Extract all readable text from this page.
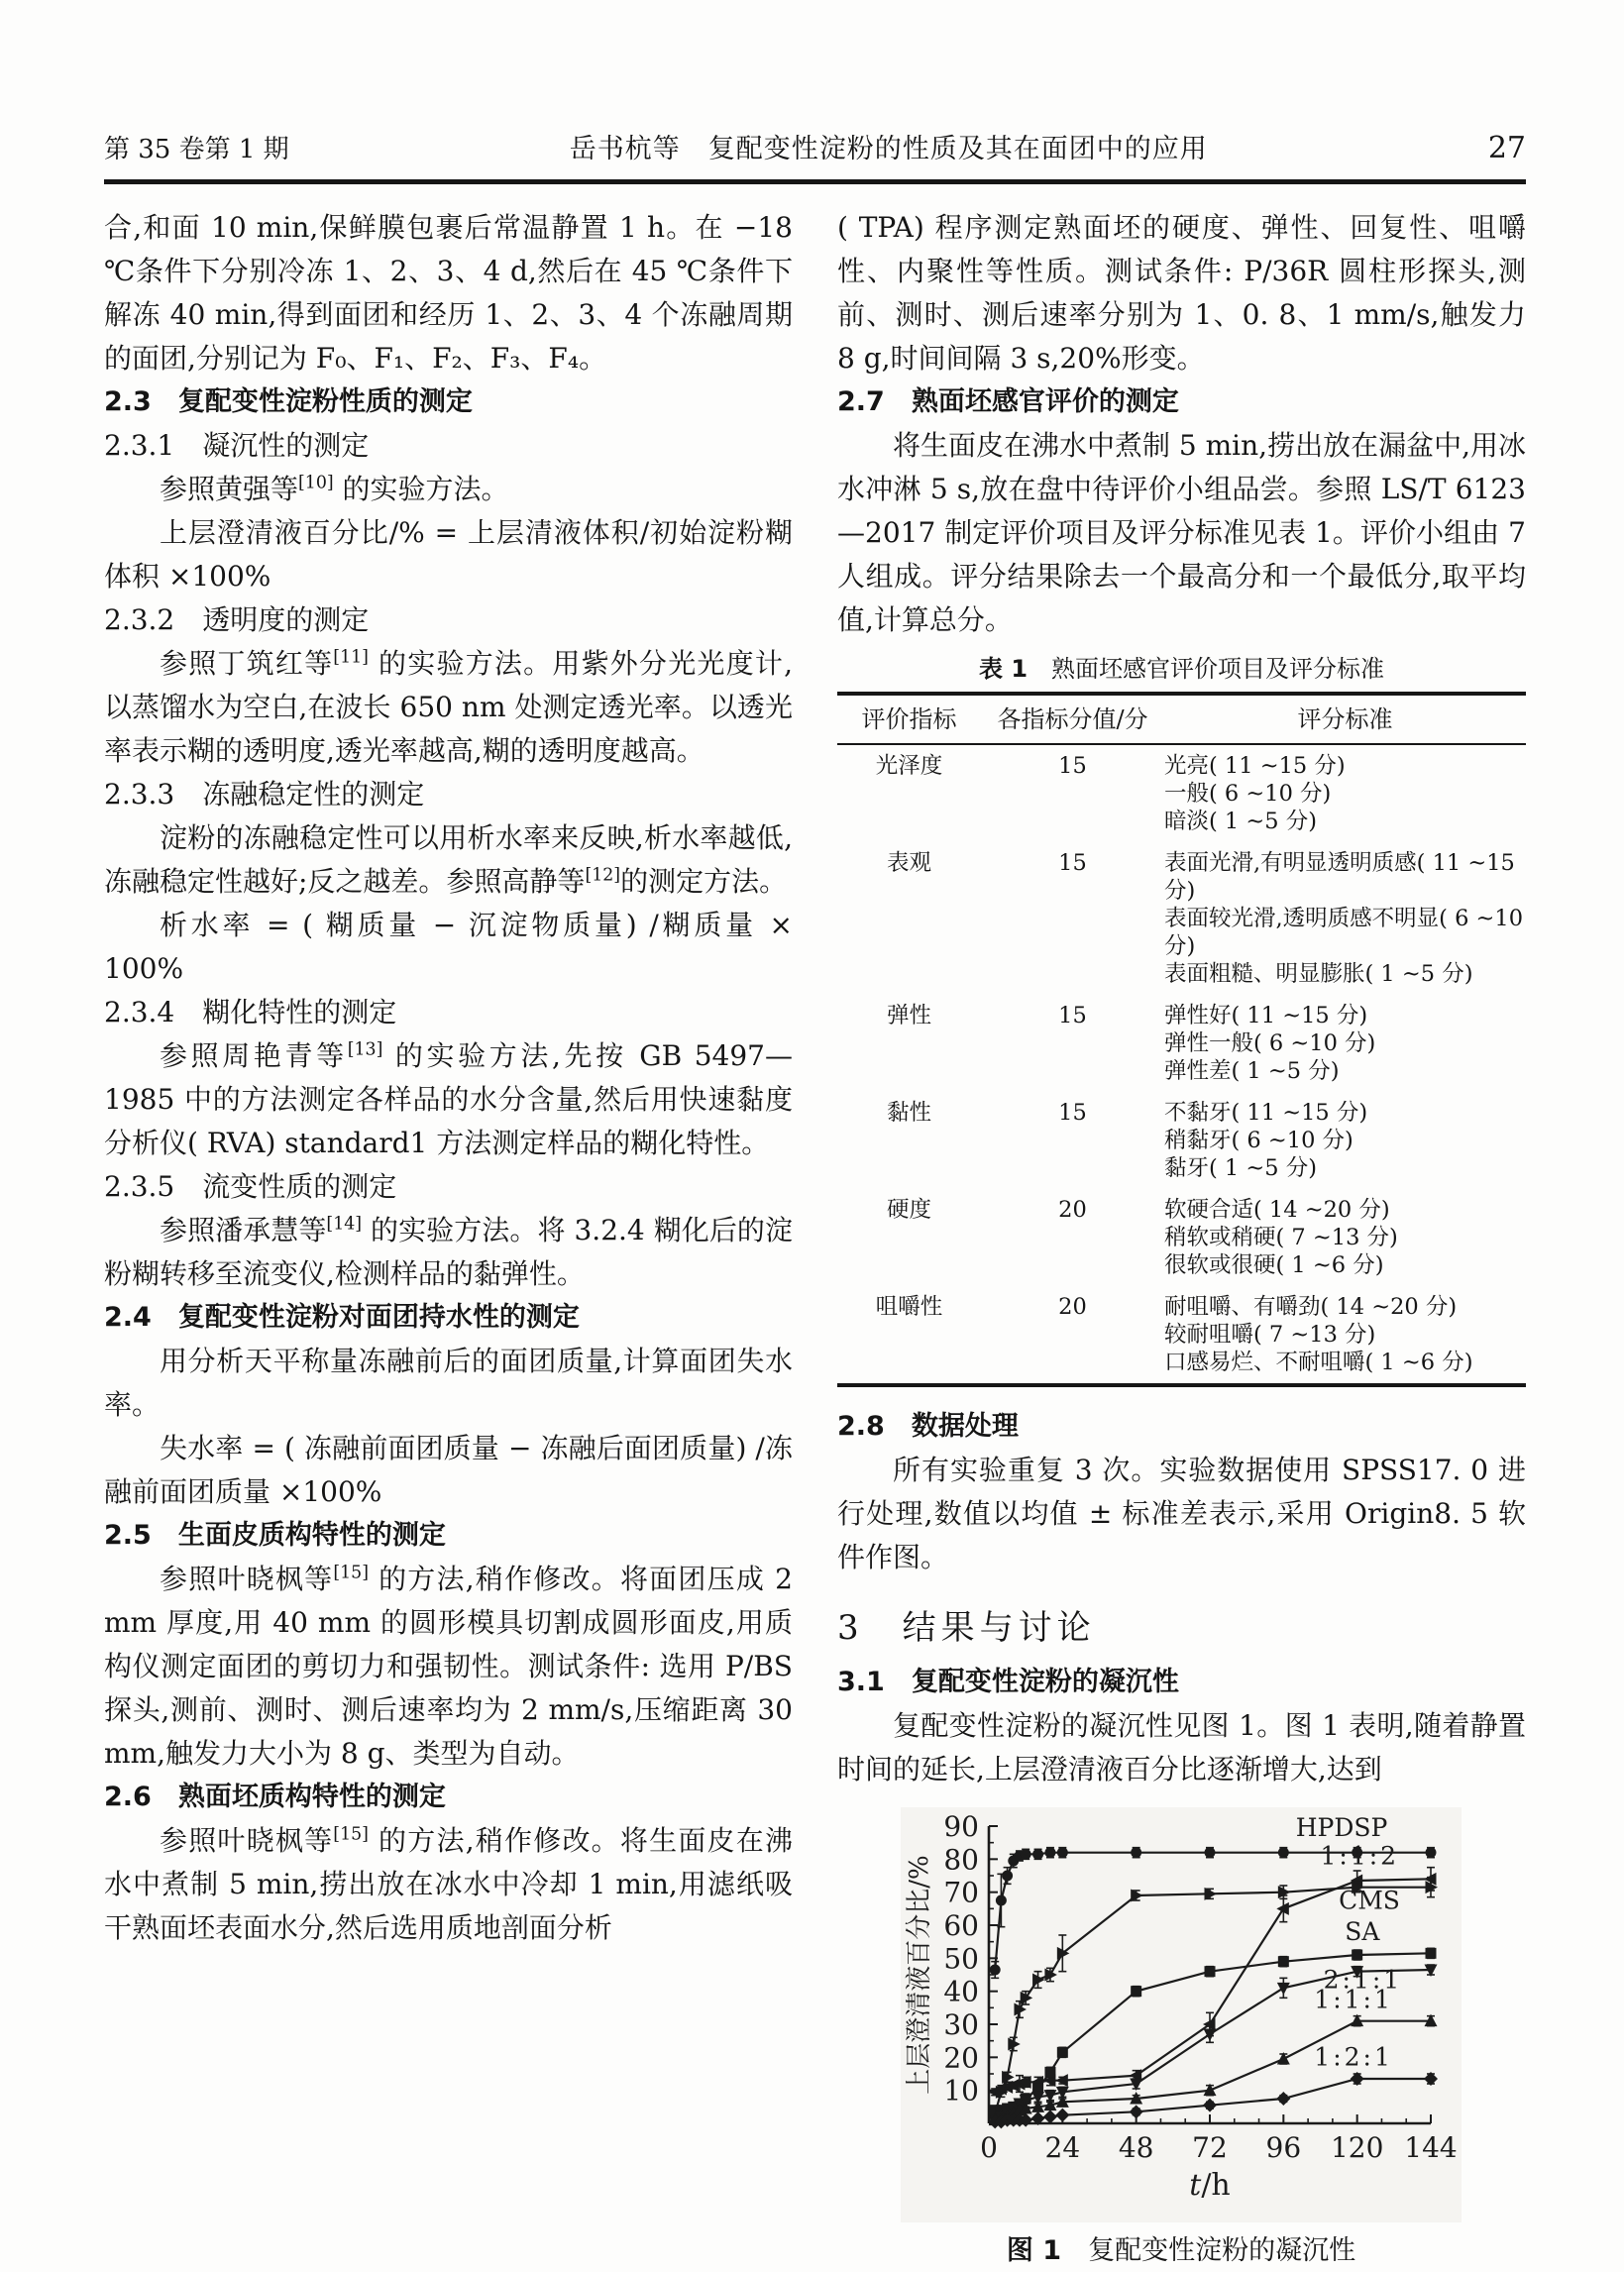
第 35 卷第 1 期	岳书杭等　复配变性淀粉的性质及其在面团中的应用	27

合,和面 10 min,保鲜膜包裹后常温静置 1 h。在 −18 ℃条件下分别冷冻 1、2、3、4 d,然后在 45 ℃条件下解冻 40 min,得到面团和经历 1、2、3、4 个冻融周期的面团,分别记为 F₀、F₁、F₂、F₃、F₄。

2.3　复配变性淀粉性质的测定
2.3.1　凝沉性的测定

参照黄强等[10] 的实验方法。

上层澄清液百分比/% = 上层清液体积/初始淀粉糊体积 ×100%

2.3.2　透明度的测定

参照丁筑红等[11] 的实验方法。用紫外分光光度计,以蒸馏水为空白,在波长 650 nm 处测定透光率。以透光率表示糊的透明度,透光率越高,糊的透明度越高。

2.3.3　冻融稳定性的测定

淀粉的冻融稳定性可以用析水率来反映,析水率越低,冻融稳定性越好;反之越差。参照高静等[12]的测定方法。

析水率 = ( 糊质量 − 沉淀物质量) /糊质量 × 100%

2.3.4　糊化特性的测定

参照周艳青等[13] 的实验方法,先按 GB 5497—1985 中的方法测定各样品的水分含量,然后用快速黏度分析仪( RVA) standard1 方法测定样品的糊化特性。

2.3.5　流变性质的测定

参照潘承慧等[14] 的实验方法。将 3.2.4 糊化后的淀粉糊转移至流变仪,检测样品的黏弹性。

2.4　复配变性淀粉对面团持水性的测定

用分析天平称量冻融前后的面团质量,计算面团失水率。

失水率 = ( 冻融前面团质量 − 冻融后面团质量) /冻融前面团质量 ×100%

2.5　生面皮质构特性的测定

参照叶晓枫等[15] 的方法,稍作修改。将面团压成 2 mm 厚度,用 40 mm 的圆形模具切割成圆形面皮,用质构仪测定面团的剪切力和强韧性。测试条件: 选用 P/BS 探头,测前、测时、测后速率均为 2 mm/s,压缩距离 30 mm,触发力大小为 8 g、类型为自动。

2.6　熟面坯质构特性的测定

参照叶晓枫等[15] 的方法,稍作修改。将生面皮在沸水中煮制 5 min,捞出放在冰水中冷却 1 min,用滤纸吸干熟面坯表面水分,然后选用质地剖面分析

( TPA) 程序测定熟面坯的硬度、弹性、回复性、咀嚼性、内聚性等性质。测试条件: P/36R 圆柱形探头,测前、测时、测后速率分别为 1、0. 8、1 mm/s,触发力 8 g,时间间隔 3 s,20%形变。

2.7　熟面坯感官评价的测定

将生面皮在沸水中煮制 5 min,捞出放在漏盆中,用冰水冲淋 5 s,放在盘中待评价小组品尝。参照 LS/T 6123—2017 制定评价项目及评分标准见表 1。评价小组由 7 人组成。评分结果除去一个最高分和一个最低分,取平均值,计算总分。

表 1　 熟面坯感官评价项目及评分标准
评价指标	各指标分值/分	评分标准
光泽度	15	光亮( 11 ~15 分)
一般( 6 ~10 分)
暗淡( 1 ~5 分)
表观	15	表面光滑,有明显透明质感( 11 ~15 分)
表面较光滑,透明质感不明显( 6 ~10 分)
表面粗糙、明显膨胀( 1 ~5 分)
弹性	15	弹性好( 11 ~15 分)
弹性一般( 6 ~10 分)
弹性差( 1 ~5 分)
黏性	15	不黏牙( 11 ~15 分)
稍黏牙( 6 ~10 分)
黏牙( 1 ~5 分)
硬度	20	软硬合适( 14 ~20 分)
稍软或稍硬( 7 ~13 分)
很软或很硬( 1 ~6 分)
咀嚼性	20	耐咀嚼、有嚼劲( 14 ~20 分)
较耐咀嚼( 7 ~13 分)
口感易烂、不耐咀嚼( 1 ~6 分)
2.8　数据处理

所有实验重复 3 次。实验数据使用 SPSS17. 0 进行处理,数值以均值 ± 标准差表示,采用 Origin8. 5 软件作图。

3　结果与讨论
3.1　复配变性淀粉的凝沉性

复配变性淀粉的凝沉性见图 1。图 1 表明,随着静置时间的延长,上层澄清液百分比逐渐增大,达到

0 24 48 72 96 120 144
10
20
30
40
50
60
70
80
90
上层澄清液百分比/%
t/h
HPDSP
1:1:2
CMS
SA
2:1:1
1:1:1
1:2:1
图 1　 复配变性淀粉的凝沉性
